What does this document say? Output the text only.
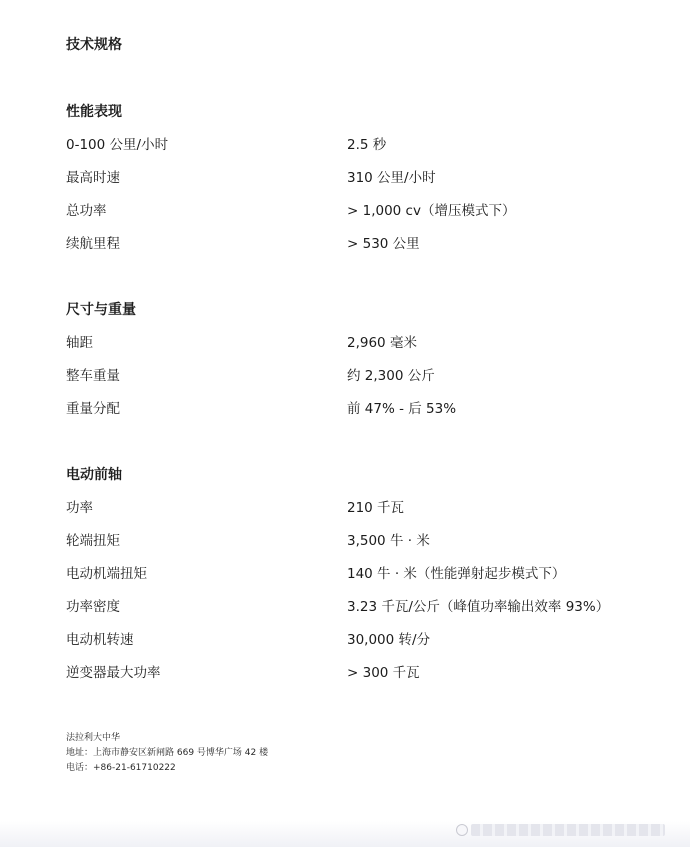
技术规格
性能表现
0-100 公里/小时	2.5 秒
最高时速	310 公里/小时
总功率	> 1,000 cv（增压模式下）
续航里程	> 530 公里
尺寸与重量
轴距	2,960 毫米
整车重量	约 2,300 公斤
重量分配	前 47% - 后 53%
电动前轴
功率	210 千瓦
轮端扭矩	3,500 牛 · 米
电动机端扭矩	140 牛 · 米（性能弹射起步模式下）
功率密度	3.23 千瓦/公斤（峰值功率输出效率 93%）
电动机转速	30,000 转/分
逆变器最大功率	> 300 千瓦
法拉利大中华
地址：上海市静安区新闸路 669 号博华广场 42 楼
电话：+86-21-61710222
